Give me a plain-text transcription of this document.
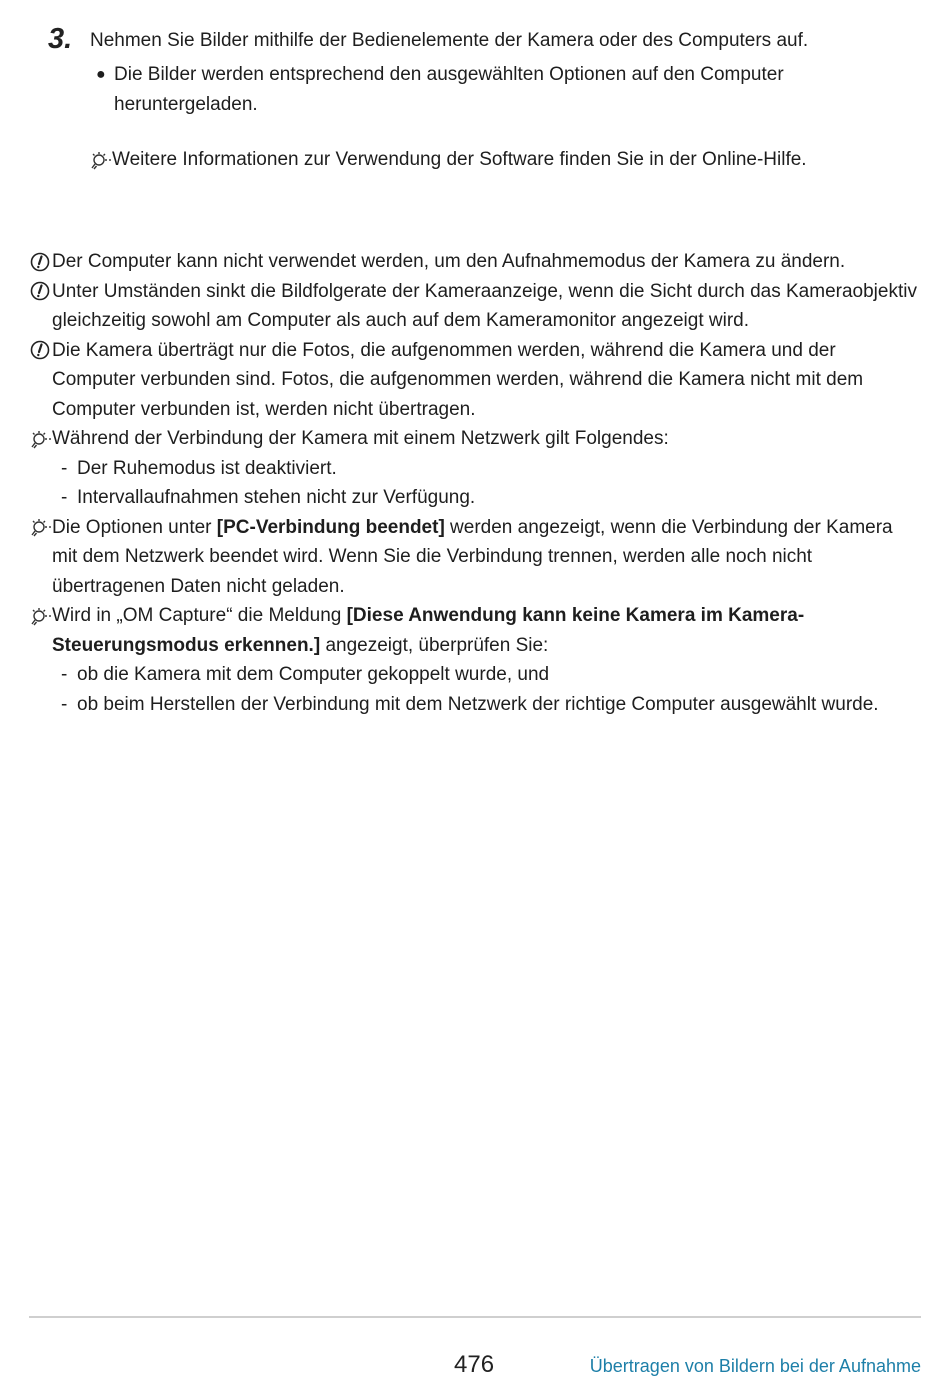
3. Nehmen Sie Bilder mithilfe der Bedienelemente der Kamera oder des Computers auf.
● Die Bilder werden entsprechend den ausgewählten Optionen auf den Computer heruntergeladen.
Weitere Informationen zur Verwendung der Software finden Sie in der Online-Hilfe.
Der Computer kann nicht verwendet werden, um den Aufnahmemodus der Kamera zu ändern.
Unter Umständen sinkt die Bildfolgerate der Kameraanzeige, wenn die Sicht durch das Kameraobjektiv gleichzeitig sowohl am Computer als auch auf dem Kameramonitor angezeigt wird.
Die Kamera überträgt nur die Fotos, die aufgenommen werden, während die Kamera und der Computer verbunden sind. Fotos, die aufgenommen werden, während die Kamera nicht mit dem Computer verbunden ist, werden nicht übertragen.
Während der Verbindung der Kamera mit einem Netzwerk gilt Folgendes:
- Der Ruhemodus ist deaktiviert.
- Intervallaufnahmen stehen nicht zur Verfügung.
Die Optionen unter [PC-Verbindung beendet] werden angezeigt, wenn die Verbindung der Kamera mit dem Netzwerk beendet wird. Wenn Sie die Verbindung trennen, werden alle noch nicht übertragenen Daten nicht geladen.
Wird in „OM Capture“ die Meldung [Diese Anwendung kann keine Kamera im Kamera-Steuerungsmodus erkennen.] angezeigt, überprüfen Sie:
- ob die Kamera mit dem Computer gekoppelt wurde, und
- ob beim Herstellen der Verbindung mit dem Netzwerk der richtige Computer ausgewählt wurde.
476	Übertragen von Bildern bei der Aufnahme
